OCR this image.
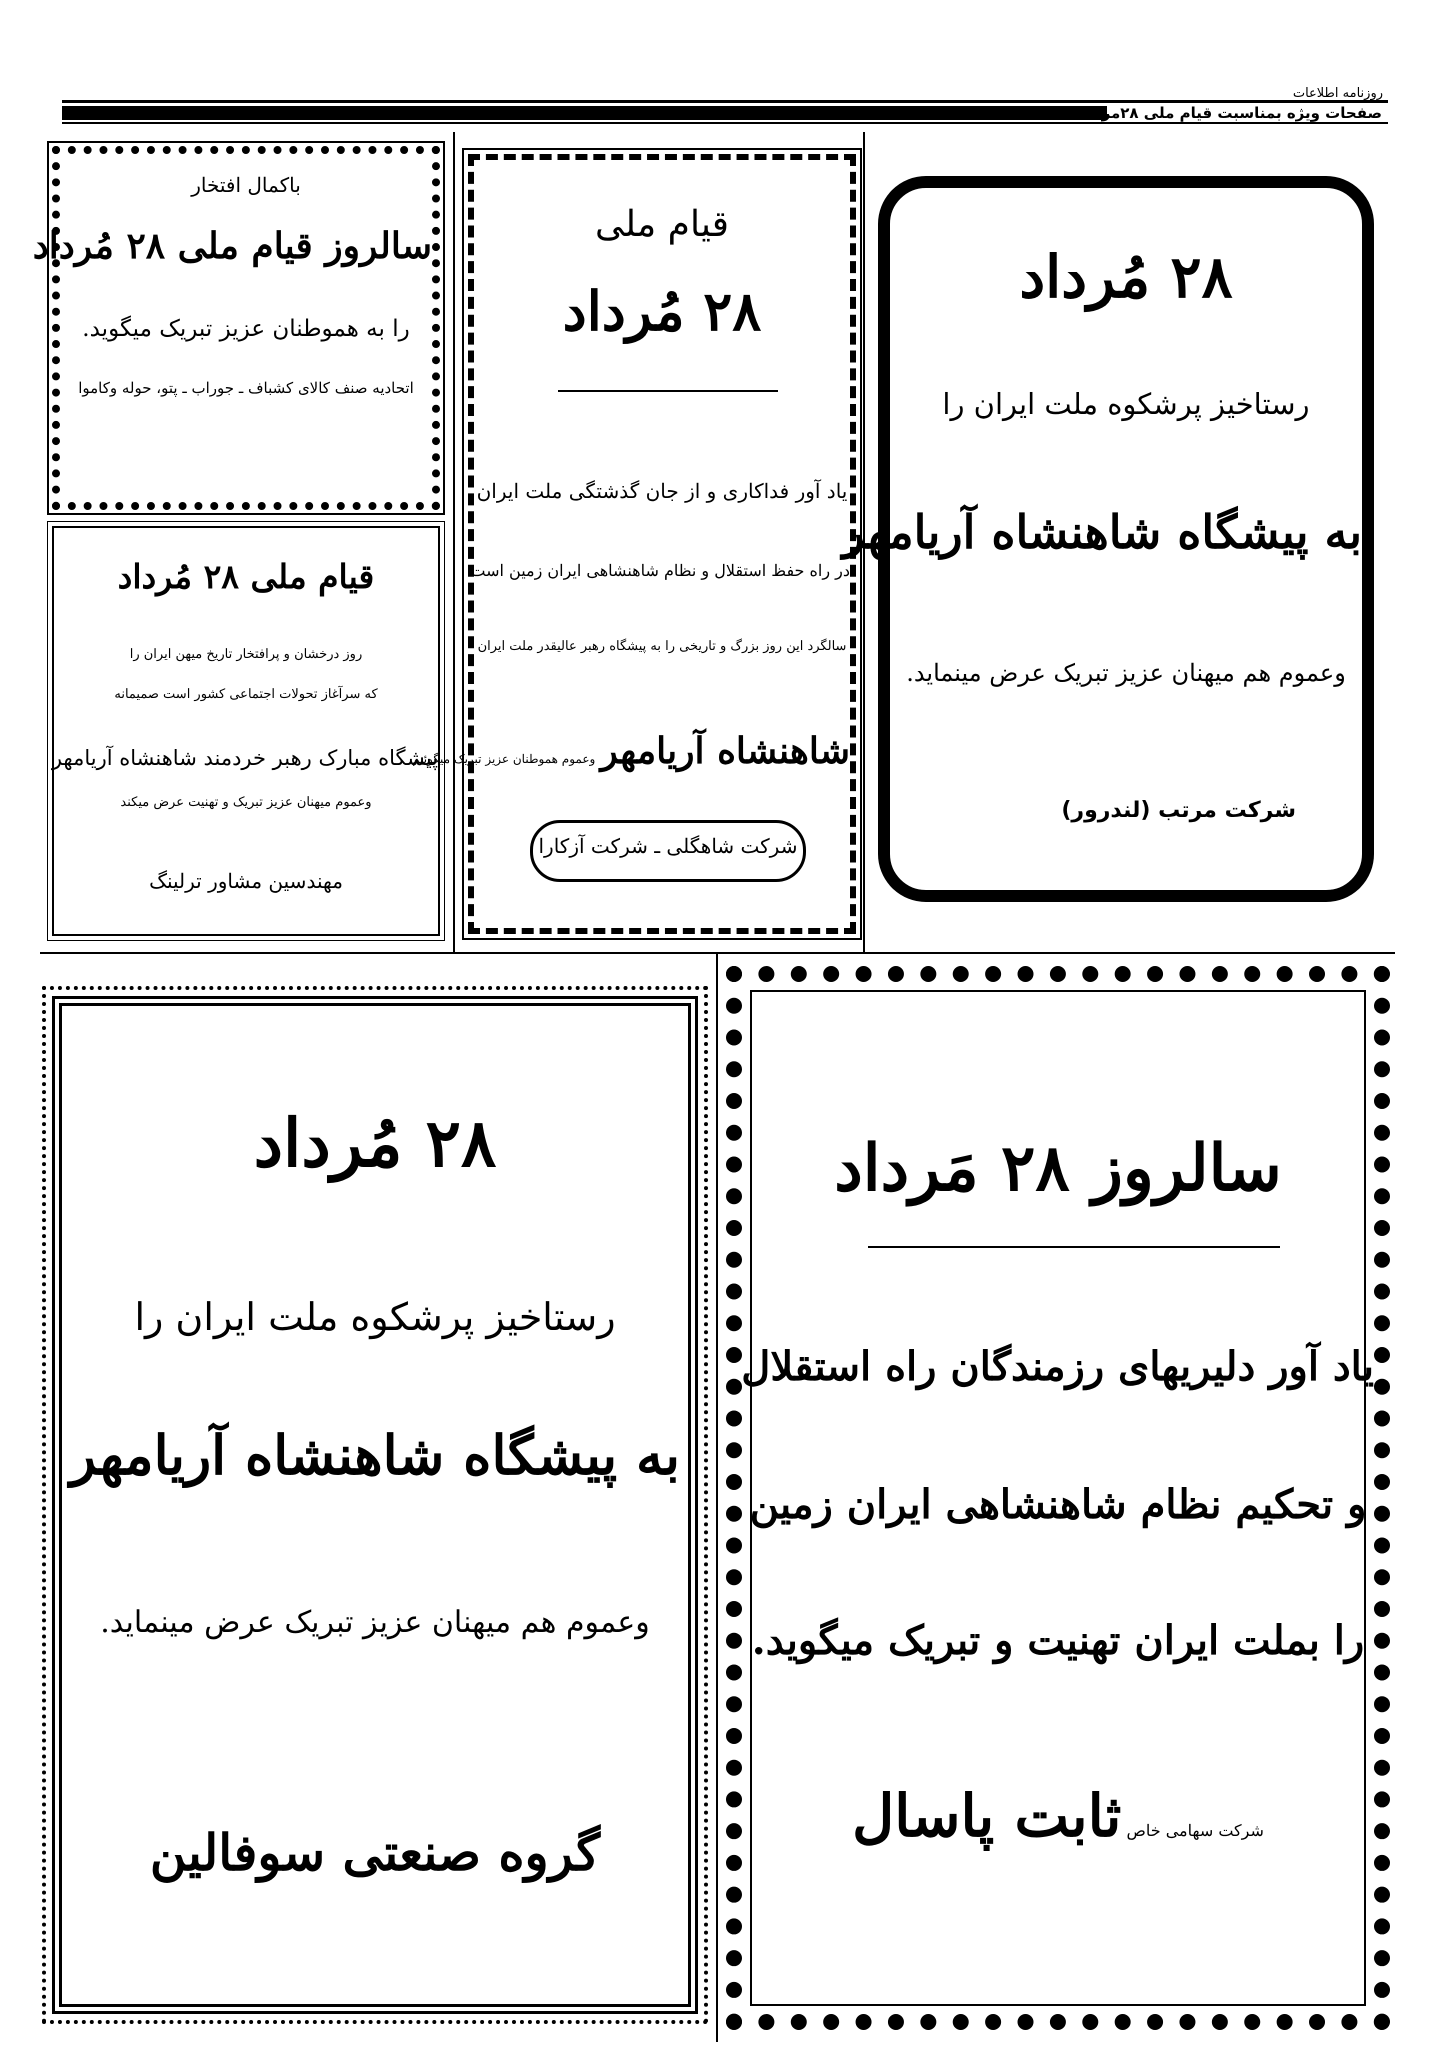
روزنامه اطلاعات
صفحات ویژه بمناسبت قیام ملی ۲۸مرداد
باکمال افتخار
سالروز قیام ملی ۲۸ مُرداد
را به هموطنان عزیز تبریک میگوید.
اتحادیه صنف کالای کشباف ـ جوراب ـ پتو، حوله وکاموا
قیام ملی ۲۸ مُرداد
روز درخشان و پرافتخار تاریخ میهن ایران را
که سرآغاز تحولات اجتماعی کشور است صمیمانه
پیشگاه مبارک رهبر خردمند شاهنشاه آریامهر
وعموم میهنان عزیز تبریک و تهنیت عرض میکند
مهندسین مشاور ترلینگ
قیام ملی
۲۸ مُرداد
یاد آور فداکاری و از جان گذشتگی ملت ایران
در راه حفظ استقلال و نظام شاهنشاهی ایران زمین است
سالگرد این روز بزرگ و تاریخی را به پیشگاه رهبر عالیقدر ملت ایران
شاهنشاه آریامهر وعموم هموطنان عزیز تبریک میگوئیم
شرکت شاهگلی ـ شرکت آزکارا
۲۸ مُرداد
رستاخیز پرشکوه ملت ایران را
به پیشگاه شاهنشاه آریامهر
وعموم هم میهنان عزیز تبریک عرض مینماید.
شرکت مرتب (لندرور)
۲۸ مُرداد
رستاخیز پرشکوه ملت ایران را
به پیشگاه شاهنشاه آریامهر
وعموم هم میهنان عزیز تبریک عرض مینماید.
گروه صنعتی سوفالین
سالروز ۲۸ مَرداد
یاد آور دلیریهای رزمندگان راه استقلال
و تحکیم نظام شاهنشاهی ایران زمین
را بملت ایران تهنیت و تبریک میگوید.
شرکت سهامی خاص ثابت پاسال
